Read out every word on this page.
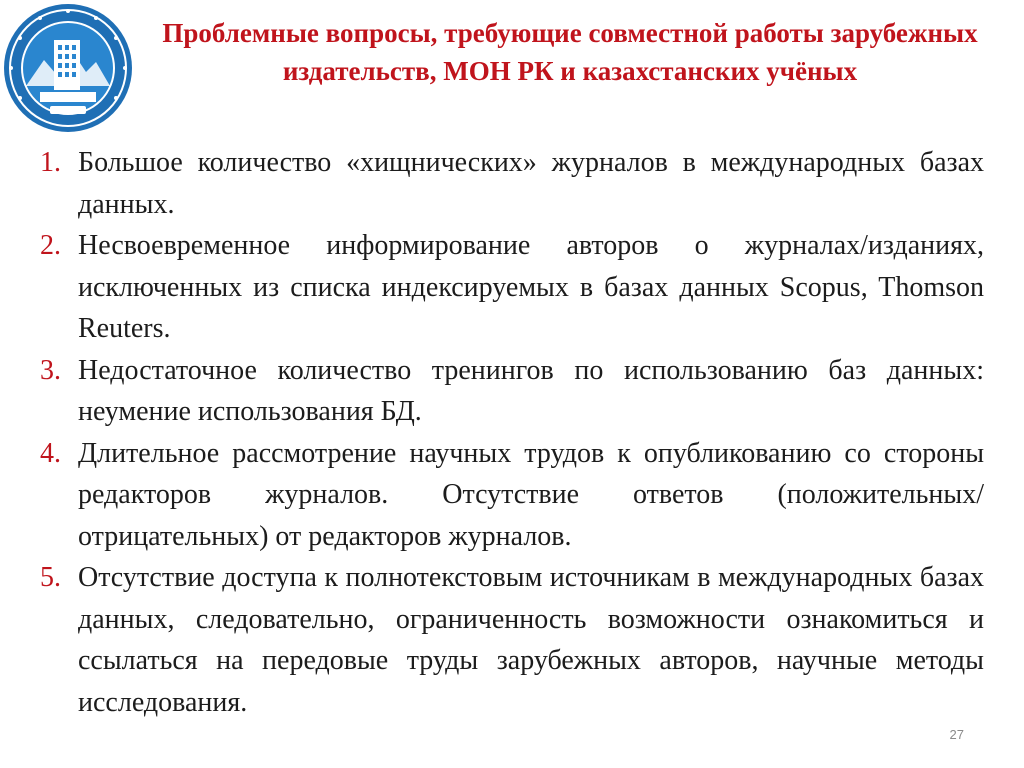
Проблемные вопросы, требующие совместной работы зарубежных издательств, МОН РК и казахстанских учёных
1. Большое количество «хищнических» журналов в международных базах данных.
2. Несвоевременное информирование авторов о журналах/изданиях, исключенных из списка индексируемых в базах данных Scopus, Thomson Reuters.
3. Недостаточное количество тренингов по использованию баз данных: неумение использования БД.
4. Длительное рассмотрение научных трудов к опубликованию со стороны редакторов журналов. Отсутствие ответов (положительных/отрицательных) от редакторов журналов.
5. Отсутствие доступа к полнотекстовым источникам в международных базах данных, следовательно, ограниченность возможности ознакомиться и ссылаться на передовые труды зарубежных авторов, научные методы исследования.
27
